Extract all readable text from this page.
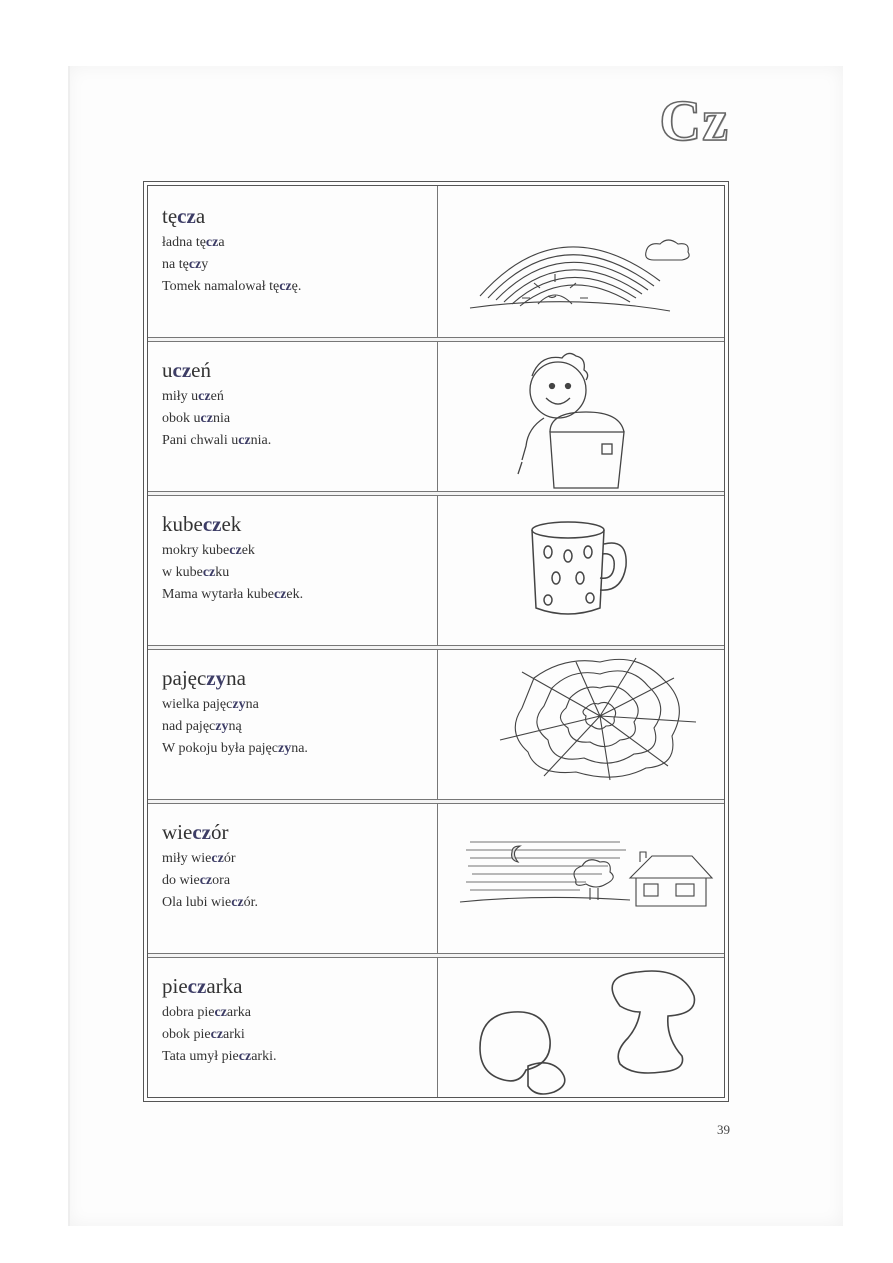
Cz
tęcza
ładna tęcza
na tęczy
Tomek namalował tęczę.
uczeń
miły uczeń
obok ucznia
Pani chwali ucznia.
kubeczek
mokry kubeczek
w kubeczku
Mama wytarła kubeczek.
pajęczyna
wielka pajęczyna
nad pajęczyną
W pokoju była pajęczyna.
wieczór
miły wieczór
do wieczora
Ola lubi wieczór.
pieczarka
dobra pieczarka
obok pieczarki
Tata umył pieczarki.
39
